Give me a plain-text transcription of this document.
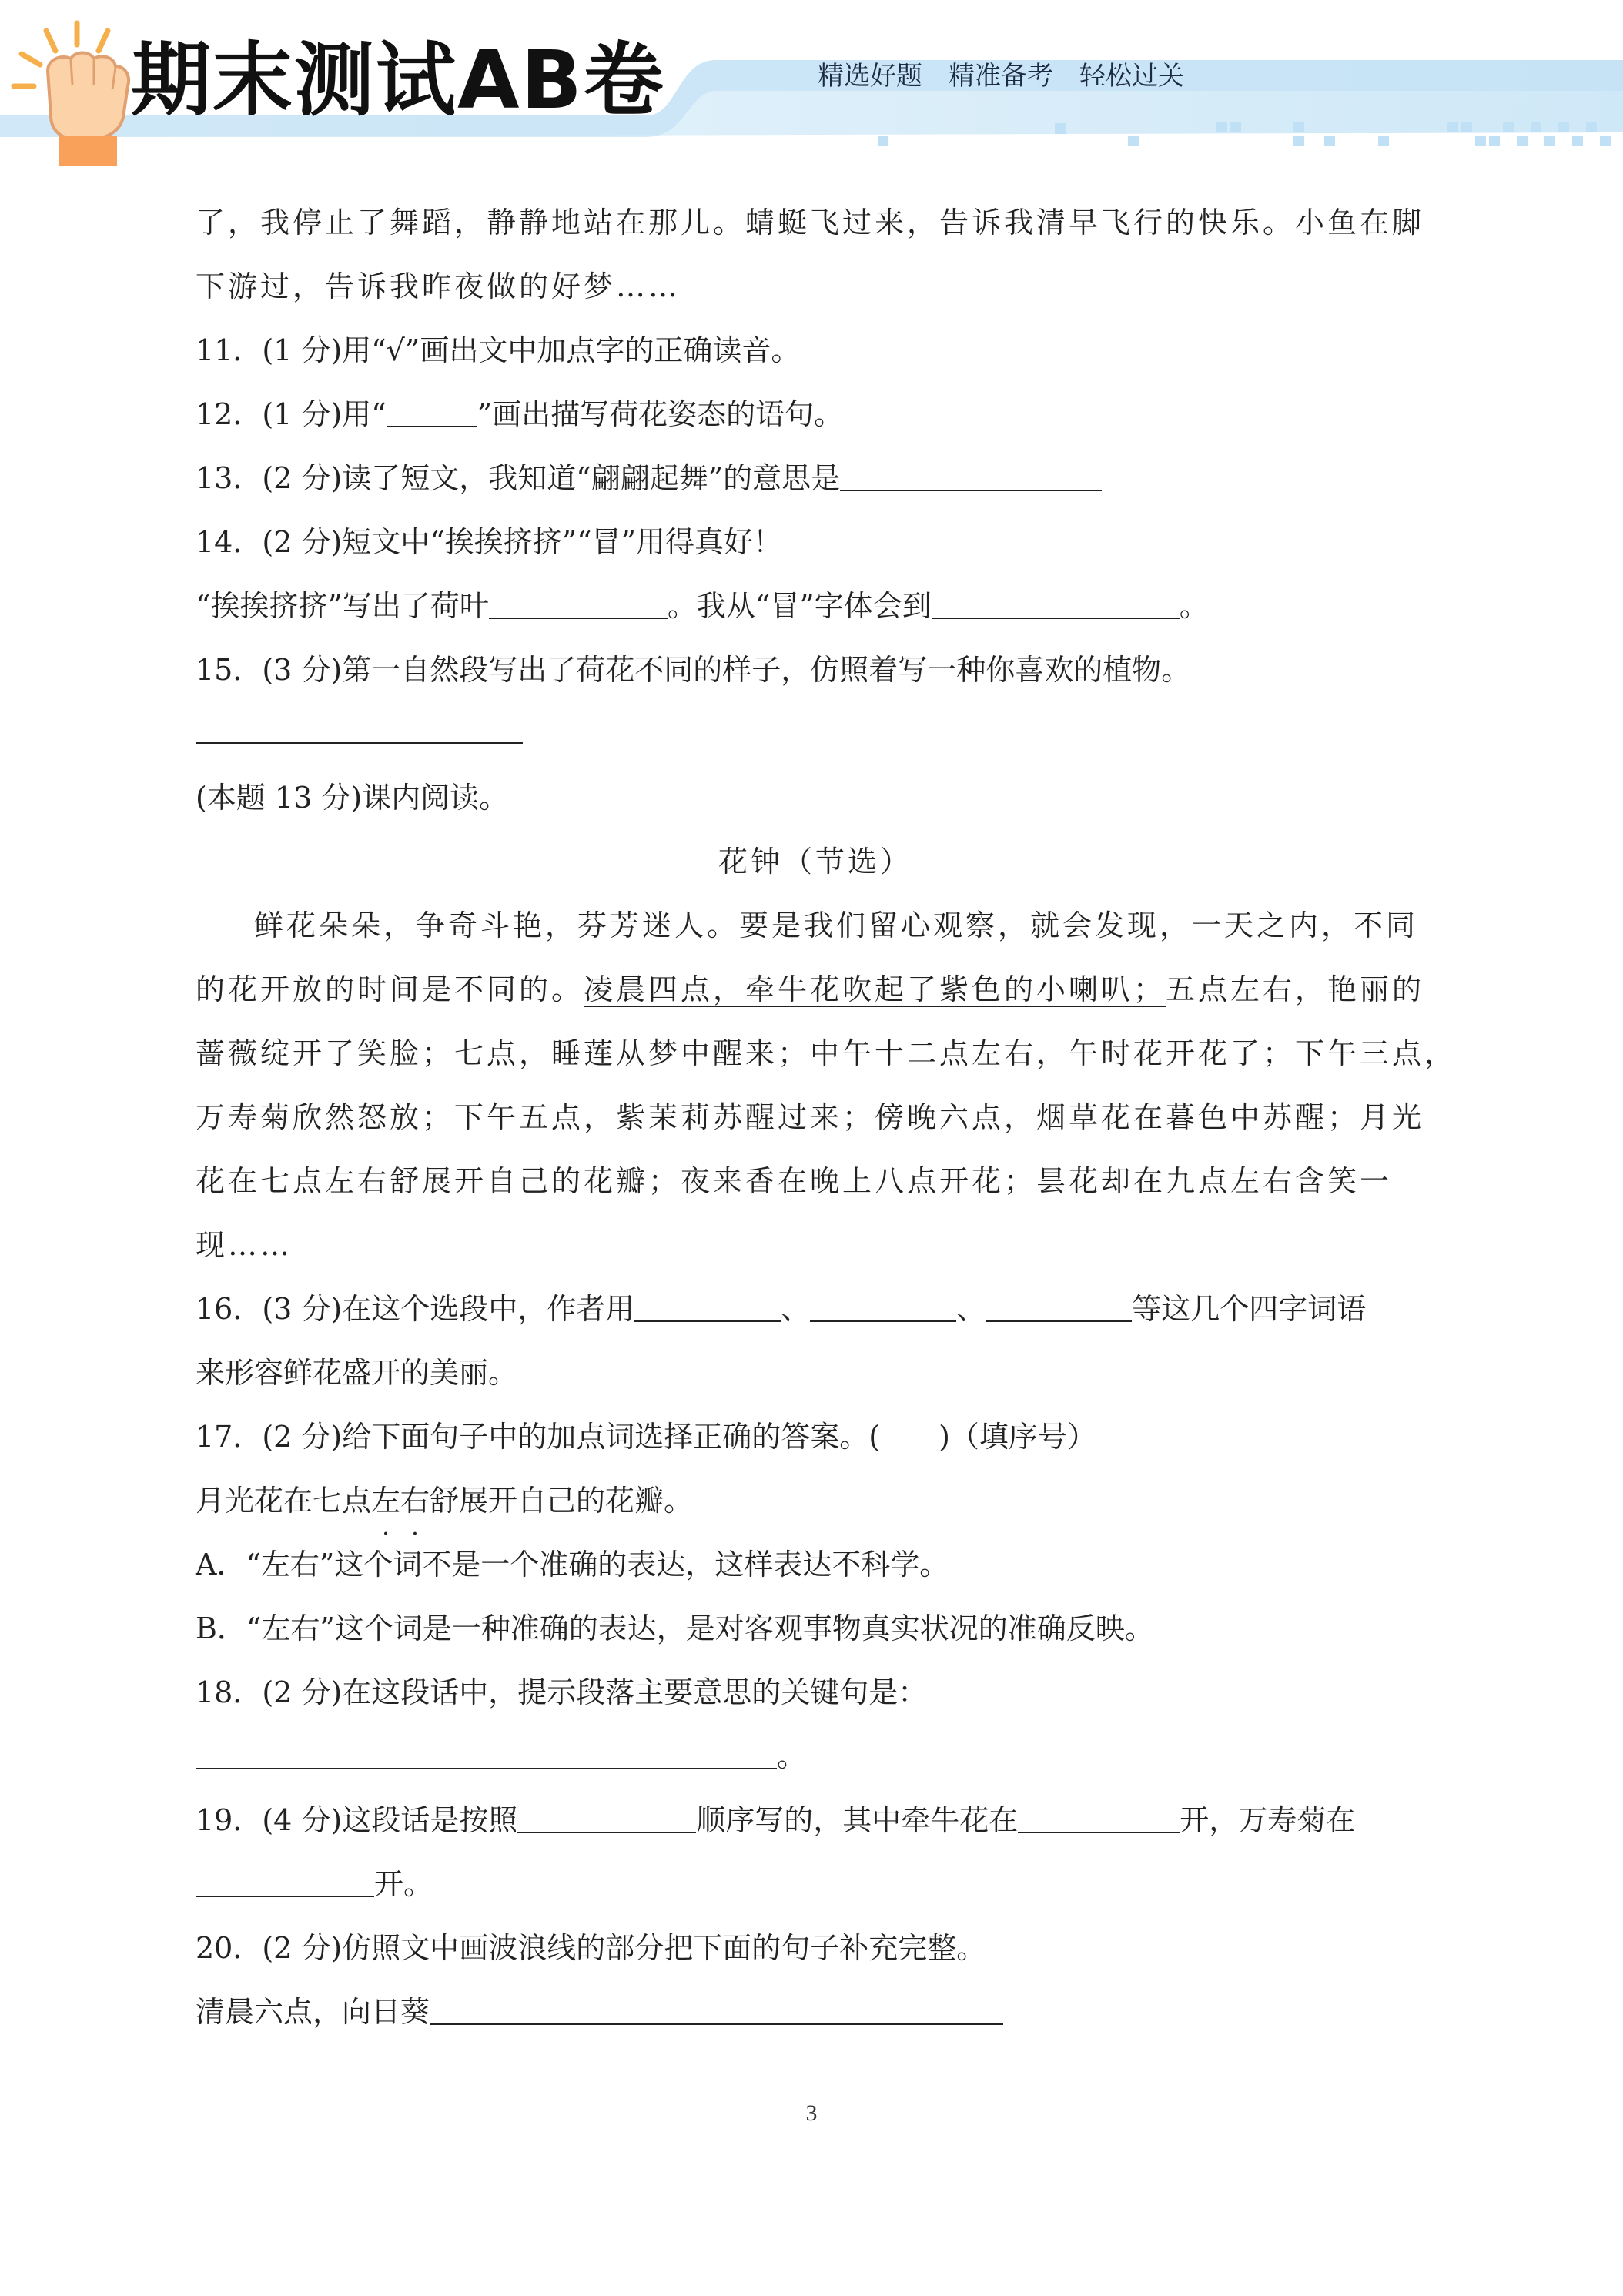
期末测试AB卷	精选好题 精准备考 轻松过关
了，我停止了舞蹈，静静地站在那儿。蜻蜓飞过来，告诉我清早飞行的快乐。小鱼在脚
下游过，告诉我昨夜做的好梦……
11．(1 分)用“√”画出文中加点字的正确读音。
12．(1 分)用“	”画出描写荷花姿态的语句。
13．(2 分)读了短文，我知道“翩翩起舞”的意思是
14．(2 分)短文中“挨挨挤挤”“冒”用得真好！
“挨挨挤挤”写出了荷叶	。我从“冒”字体会到	。
15．(3 分)第一自然段写出了荷花不同的样子，仿照着写一种你喜欢的植物。
(本题 13 分)课内阅读。
花钟（节选）
鲜花朵朵，争奇斗艳，芬芳迷人。要是我们留心观察，就会发现，一天之内，不同
的花开放的时间是不同的。凌晨四点，牵牛花吹起了紫色的小喇叭；五点左右，艳丽的
蔷薇绽开了笑脸；七点，睡莲从梦中醒来；中午十二点左右，午时花开花了；下午三点，
万寿菊欣然怒放；下午五点，紫茉莉苏醒过来；傍晚六点，烟草花在暮色中苏醒；月光
花在七点左右舒展开自己的花瓣；夜来香在晚上八点开花；昙花却在九点左右含笑一
现……
16．(3 分)在这个选段中，作者用	、	、	等这几个四字词语
来形容鲜花盛开的美丽。
17．(2 分)给下面句子中的加点词选择正确的答案。(　　)（填序号）
月光花在七点左右舒展开自己的花瓣。
A．“左右”这个词不是一个准确的表达，这样表达不科学。
B．“左右”这个词是一种准确的表达，是对客观事物真实状况的准确反映。
18．(2 分)在这段话中，提示段落主要意思的关键句是：
。
19．(4 分)这段话是按照	顺序写的，其中牵牛花在	开，万寿菊在
开。
20．(2 分)仿照文中画波浪线的部分把下面的句子补充完整。
清晨六点，向日葵
3
